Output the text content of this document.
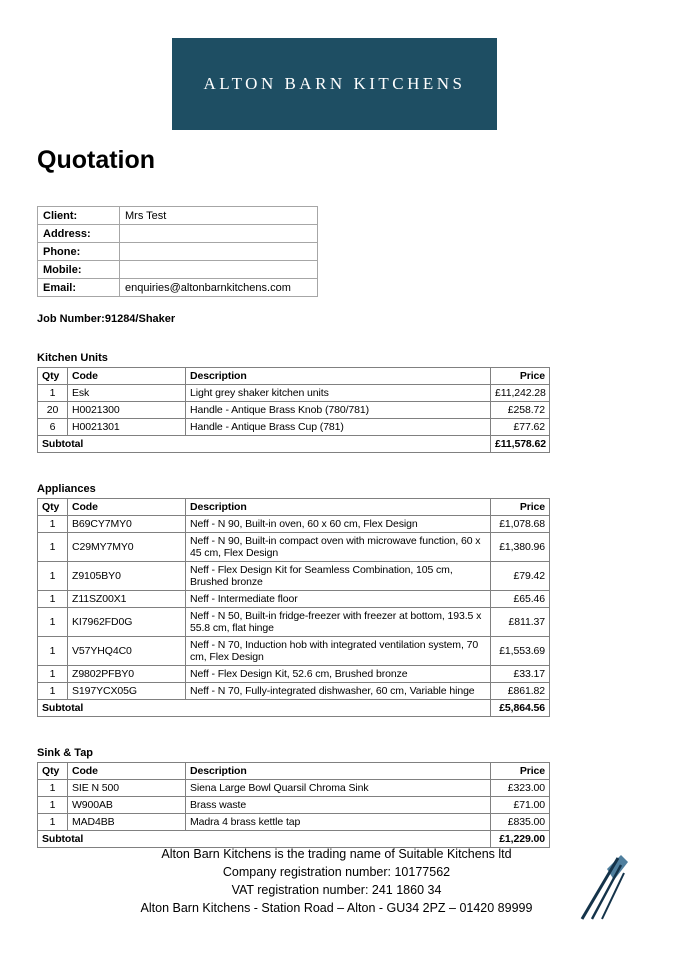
ALTON BARN KITCHENS
Quotation
Client:	Mrs Test
Address:	
Phone:	
Mobile:	
Email:	enquiries@altonbarnkitchens.com
Job Number:91284/Shaker
Kitchen Units
Qty	Code	Description	Price
1	Esk	Light grey shaker kitchen units	£11,242.28
20	H0021300	Handle - Antique Brass Knob (780/781)	£258.72
6	H0021301	Handle - Antique Brass Cup (781)	£77.62
Subtotal			£11,578.62
Appliances
Qty	Code	Description	Price
1	B69CY7MY0	Neff - N 90, Built-in oven, 60 x 60 cm, Flex Design	£1,078.68
1	C29MY7MY0	Neff - N 90, Built-in compact oven with microwave function, 60 x 45 cm, Flex Design	£1,380.96
1	Z9105BY0	Neff - Flex Design Kit for Seamless Combination, 105 cm, Brushed bronze	£79.42
1	Z11SZ00X1	Neff - Intermediate floor	£65.46
1	KI7962FD0G	Neff - N 50, Built-in fridge-freezer with freezer at bottom, 193.5 x 55.8 cm, flat hinge	£811.37
1	V57YHQ4C0	Neff - N 70, Induction hob with integrated ventilation system, 70 cm, Flex Design	£1,553.69
1	Z9802PFBY0	Neff - Flex Design Kit, 52.6 cm, Brushed bronze	£33.17
1	S197YCX05G	Neff - N 70, Fully-integrated dishwasher, 60 cm, Variable hinge	£861.82
Subtotal			£5,864.56
Sink & Tap
Qty	Code	Description	Price
1	SIE N 500	Siena Large Bowl Quarsil Chroma Sink	£323.00
1	W900AB	Brass waste	£71.00
1	MAD4BB	Madra 4 brass kettle tap	£835.00
Subtotal			£1,229.00
Alton Barn Kitchens is the trading name of Suitable Kitchens ltd
Company registration number: 10177562
VAT registration number: 241 1860 34
Alton Barn Kitchens - Station Road – Alton - GU34 2PZ – 01420 89999
